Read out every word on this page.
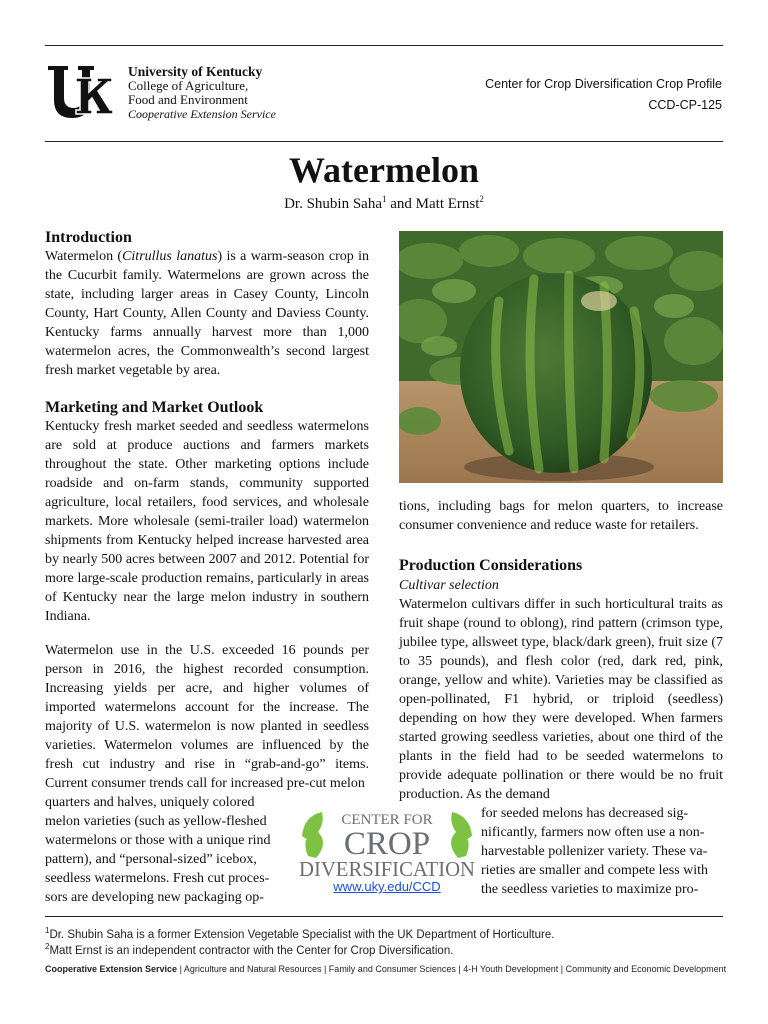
University of Kentucky
College of Agriculture,
Food and Environment
Cooperative Extension Service
Center for Crop Diversification Crop Profile
CCD-CP-125
Watermelon
Dr. Shubin Saha$^1$ and Matt Ernst$^2$
Introduction
Watermelon (Citrullus lanatus) is a warm-season crop in the Cucurbit family. Watermelons are grown across the state, including larger areas in Casey County, Lincoln County, Hart County, Allen County and Daviess County. Kentucky farms annually harvest more than 1,000 watermelon acres, the Commonwealth’s second largest fresh market vegetable by area.
Marketing and Market Outlook
Kentucky fresh market seeded and seedless watermelons are sold at produce auctions and farmers markets throughout the state. Other marketing options include roadside and on-farm stands, community supported agriculture, local retailers, food services, and wholesale markets. More wholesale (semi-trailer load) watermelon shipments from Kentucky helped increase harvested area by nearly 500 acres between 2007 and 2012. Potential for more large-scale production remains, particularly in areas of Kentucky near the large melon industry in southern Indiana.
Watermelon use in the U.S. exceeded 16 pounds per person in 2016, the highest recorded consumption. Increasing yields per acre, and higher volumes of imported watermelons account for the increase. The majority of U.S. watermelon is now planted in seedless varieties. Watermelon volumes are influenced by the fresh cut industry and rise in “grab-and-go” items. Current consumer trends call for increased pre-cut melon
quarters and halves, uniquely colored
melon varieties (such as yellow-fleshed
watermelons or those with a unique rind
pattern), and “personal-sized” icebox,
seedless watermelons. Fresh cut proces-
sors are developing new packaging op-
tions, including bags for melon quarters, to increase consumer convenience and reduce waste for retailers.
Production Considerations
Cultivar selection
Watermelon cultivars differ in such horticultural traits as fruit shape (round to oblong), rind pattern (crimson type, jubilee type, allsweet type, black/dark green), fruit size (7 to 35 pounds), and flesh color (red, dark red, pink, orange, yellow and white). Varieties may be classified as open-pollinated, F1 hybrid, or triploid (seedless) depending on how they were developed. When farmers started growing seedless varieties, about one third of the plants in the field had to be seeded watermelons to provide adequate pollination or there would be no fruit production. As the demand
for seeded melons has decreased sig-
nificantly, farmers now often use a non-
harvestable pollenizer variety. These va-
rieties are smaller and compete less with
the seedless varieties to maximize pro-
CENTER FOR
CROP
DIVERSIFICATION
www.uky.edu/CCD
$^1$Dr. Shubin Saha is a former Extension Vegetable Specialist with the UK Department of Horticulture.
$^2$Matt Ernst is an independent contractor with the Center for Crop Diversification.
Cooperative Extension Service | Agriculture and Natural Resources | Family and Consumer Sciences | 4-H Youth Development | Community and Economic Development
